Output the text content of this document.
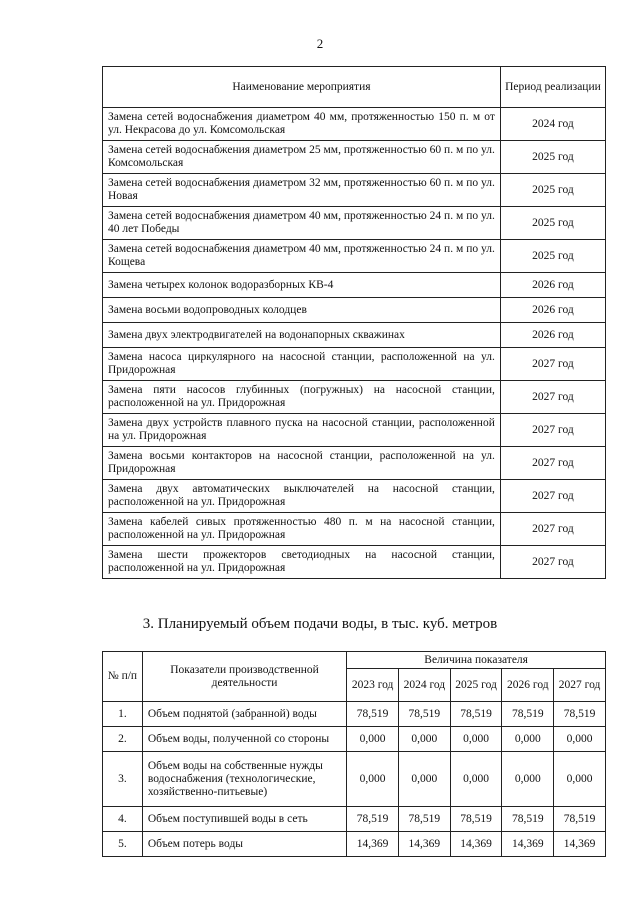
2
Наименование мероприятия	Период реализации
Замена сетей водоснабжения диаметром 40 мм, протяженностью 150 п. м от ул. Некрасова до ул. Комсомольская	2024 год
Замена сетей водоснабжения диаметром 25 мм, протяженностью 60 п. м по ул. Комсомольская	2025 год
Замена сетей водоснабжения диаметром 32 мм, протяженностью 60 п. м по ул. Новая	2025 год
Замена сетей водоснабжения диаметром 40 мм, протяженностью 24 п. м по ул. 40 лет Победы	2025 год
Замена сетей водоснабжения диаметром 40 мм, протяженностью 24 п. м по ул. Кощева	2025 год
Замена четырех колонок водоразборных КВ-4	2026 год
Замена восьми водопроводных колодцев	2026 год
Замена двух электродвигателей на водонапорных скважинах	2026 год
Замена насоса циркулярного на насосной станции, расположенной на ул. Придорожная	2027 год
Замена пяти насосов глубинных (погружных) на насосной станции, расположенной на ул. Придорожная	2027 год
Замена двух устройств плавного пуска на насосной станции, расположенной на ул. Придорожная	2027 год
Замена восьми контакторов на насосной станции, расположенной на ул. Придорожная	2027 год
Замена двух автоматических выключателей на насосной станции, расположенной на ул. Придорожная	2027 год
Замена кабелей сивых протяженностью 480 п. м на насосной станции, расположенной на ул. Придорожная	2027 год
Замена шести прожекторов светодиодных на насосной станции, расположенной на ул. Придорожная	2027 год
3. Планируемый объем подачи воды, в тыс. куб. метров
№ п/п	Показатели производственной деятельности	Величина показателя				
		2023 год	2024 год	2025 год	2026 год	2027 год
1.	Объем поднятой (забранной) воды	78,519	78,519	78,519	78,519	78,519
2.	Объем воды, полученной со стороны	0,000	0,000	0,000	0,000	0,000
3.	Объем воды на собственные нужды водоснабжения (технологические, хозяйственно-питьевые)	0,000	0,000	0,000	0,000	0,000
4.	Объем поступившей воды в сеть	78,519	78,519	78,519	78,519	78,519
5.	Объем потерь воды	14,369	14,369	14,369	14,369	14,369
